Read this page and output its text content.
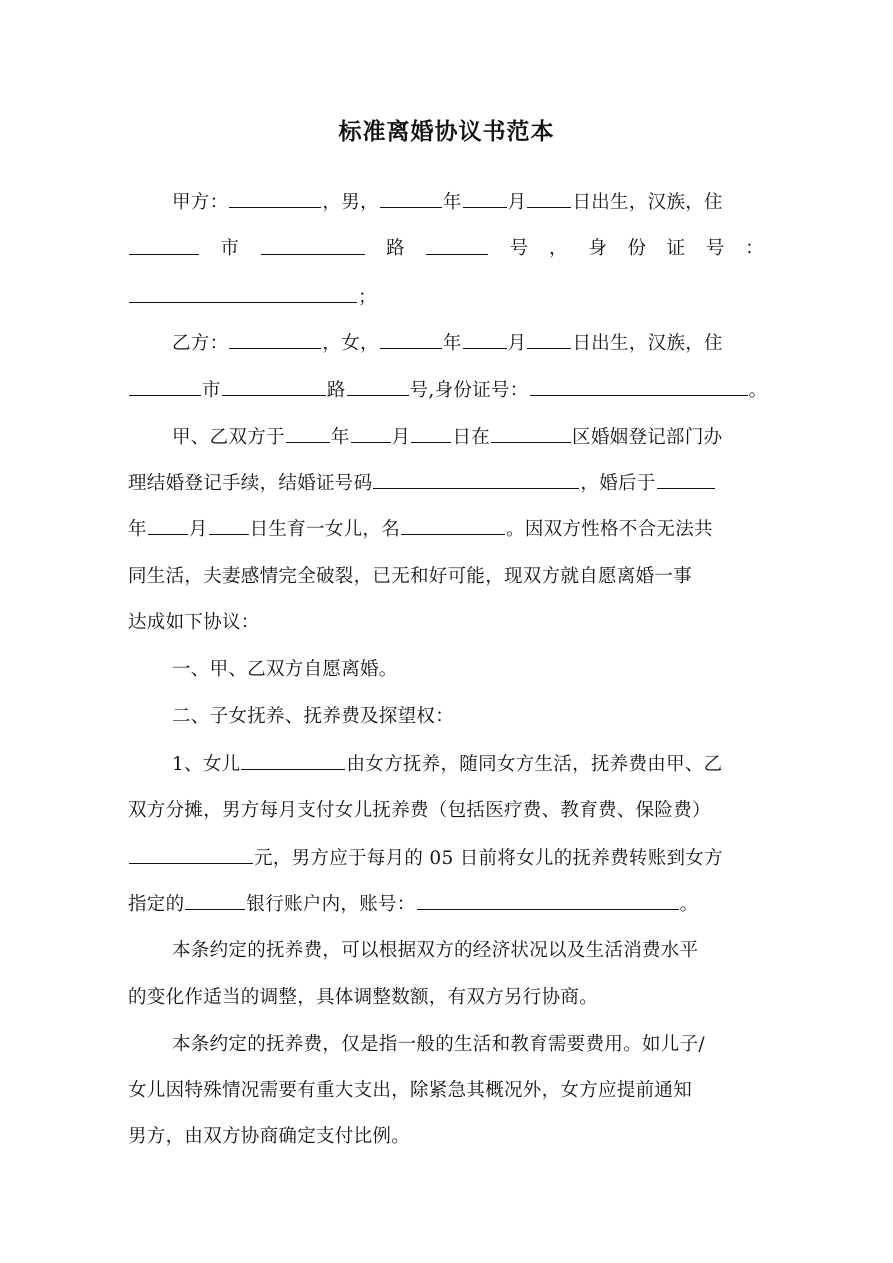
标准离婚协议书范本
甲方：	，男，	年 月 日出生，汉族，住
市	路	号 ， 身 份 证 号 ：
；
乙方：	，女，	年 月 日出生，汉族，住
市	路	号,身份证号：	。
甲、乙双方于 年 月 日在	区婚姻登记部门办
理结婚登记手续，结婚证号码	，婚后于
年 月 日生育一女儿，名	。因双方性格不合无法共
同生活，夫妻感情完全破裂，已无和好可能，现双方就自愿离婚一事
达成如下协议：
一、甲、乙双方自愿离婚。
二、子女抚养、抚养费及探望权：
1、女儿	由女方抚养，随同女方生活，抚养费由甲、乙
双方分摊，男方每月支付女儿抚养费（包括医疗费、教育费、保险费）
元，男方应于每月的 05 日前将女儿的抚养费转账到女方
指定的	银行账户内，账号：	。
本条约定的抚养费，可以根据双方的经济状况以及生活消费水平
的变化作适当的调整，具体调整数额，有双方另行协商。
本条约定的抚养费，仅是指一般的生活和教育需要费用。如儿子/
女儿因特殊情况需要有重大支出，除紧急其概况外，女方应提前通知
男方，由双方协商确定支付比例。
